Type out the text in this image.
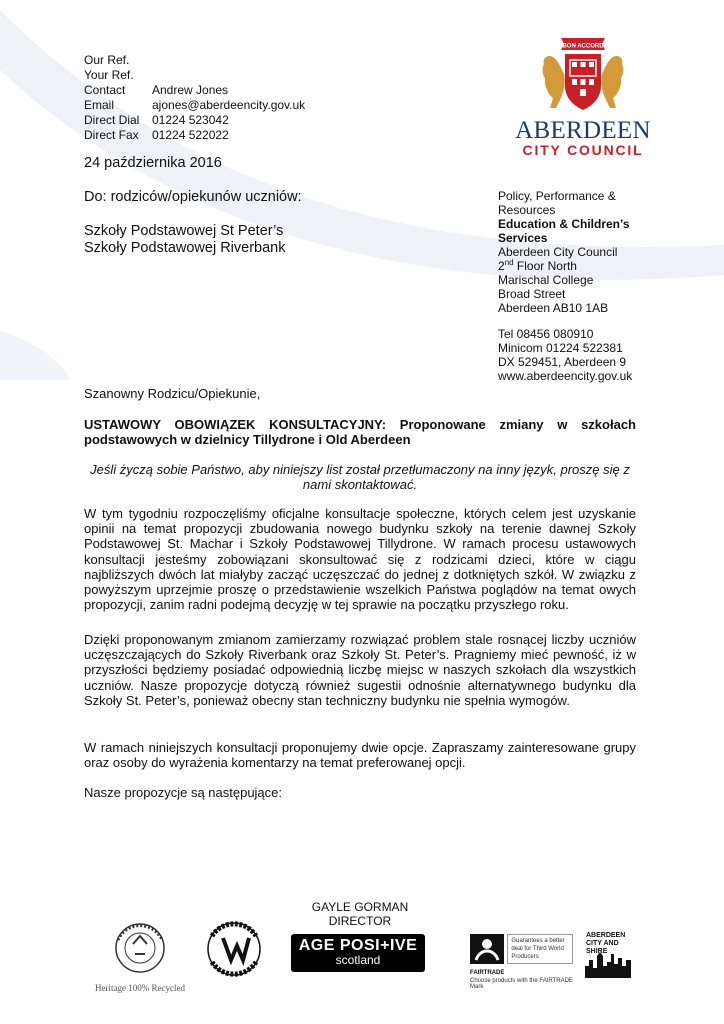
Our Ref.
Your Ref.
Contact	Andrew Jones
Email	ajones@aberdeencity.gov.uk
Direct Dial	01224 523042
Direct Fax	01224 522022
BON ACCORD
ABERDEEN
CITY COUNCIL
24 października 2016
Do: rodziców/opiekunów uczniów:
Szkoły Podstawowej St Peter’s
Szkoły Podstawowej Riverbank
Policy, Performance & Resources
Education & Children’s Services
Aberdeen City Council
2nd Floor North
Marischal College
Broad Street
Aberdeen AB10 1AB
Tel 08456 080910
Minicom 01224 522381
DX 529451, Aberdeen 9
www.aberdeencity.gov.uk
Szanowny Rodzicu/Opiekunie,
USTAWOWY OBOWIĄZEK KONSULTACYJNY: Proponowane zmiany w szkołach podstawowych w dzielnicy Tillydrone i Old Aberdeen
Jeśli życzą sobie Państwo, aby niniejszy list został przetłumaczony na inny język, proszę się z nami skontaktować.
W tym tygodniu rozpoczęliśmy oficjalne konsultacje społeczne, których celem jest uzyskanie opinii na temat propozycji zbudowania nowego budynku szkoły na terenie dawnej Szkoły Podstawowej St. Machar i Szkoły Podstawowej Tillydrone. W ramach procesu ustawowych konsultacji jesteśmy zobowiązani skonsultować się z rodzicami dzieci, które w ciągu najbliższych dwóch lat miałyby zacząć uczęszczać do jednej z dotkniętych szkół. W związku z powyższym uprzejmie proszę o przedstawienie wszelkich Państwa poglądów na temat owych propozycji, zanim radni podejmą decyzję w tej sprawie na początku przyszłego roku.
Dzięki proponowanym zmianom zamierzamy rozwiązać problem stale rosnącej liczby uczniów uczęszczających do Szkoły Riverbank oraz Szkoły St. Peter’s. Pragniemy mieć pewność, iż w przyszłości będziemy posiadać odpowiednią liczbę miejsc w naszych szkołach dla wszystkich uczniów. Nasze propozycje dotyczą również sugestii odnośnie alternatywnego budynku dla Szkoły St. Peter’s, ponieważ obecny stan techniczny budynku nie spełnia wymogów.
W ramach niniejszych konsultacji proponujemy dwie opcje. Zapraszamy zainteresowane grupy oraz osoby do wyrażenia komentarzy na temat preferowanej opcji.
Nasze propozycje są następujące:
GAYLE GORMAN
DIRECTOR
Heritage 100% Recycled
AGE POSI+IVE
scotland
FAIRTRADE
Guarantees a better deal for Third World Producers
Choose products with the FAIRTRADE Mark
ABERDEEN CITY AND SHIRE
